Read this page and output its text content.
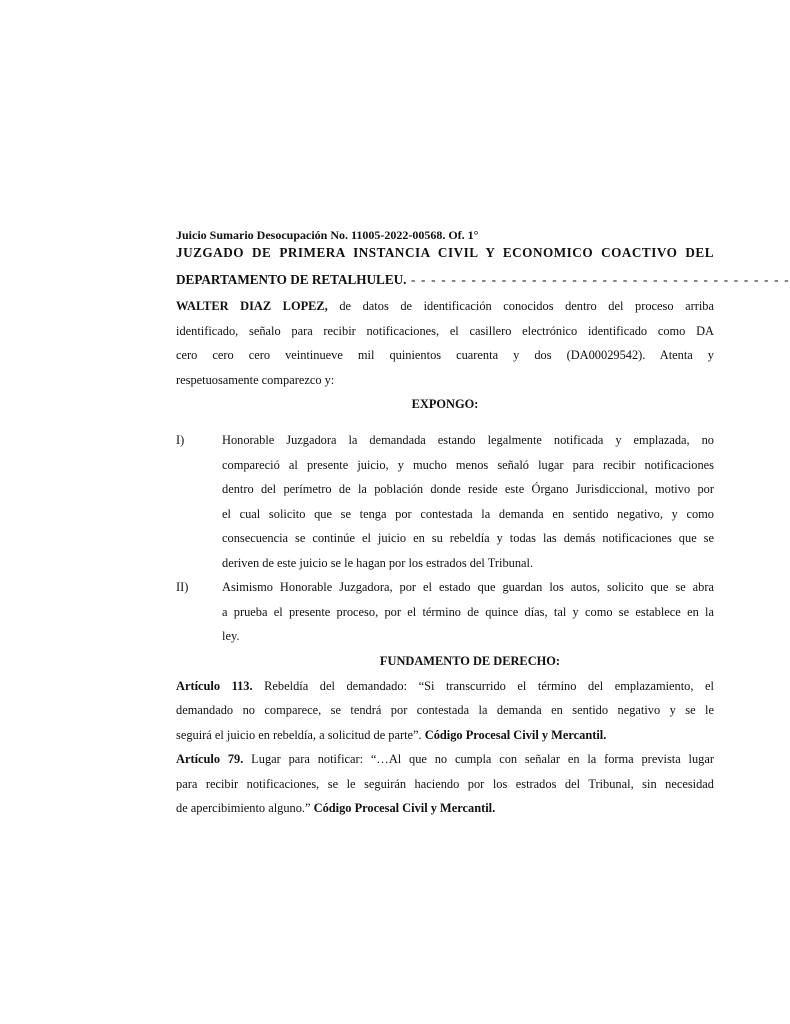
Juicio Sumario Desocupación No. 11005-2022-00568. Of. 1°
JUZGADO DE PRIMERA INSTANCIA CIVIL Y ECONOMICO COACTIVO DEL
DEPARTAMENTO DE RETALHULEU. - - - - - - - - - - - - - - - - - - - - - - - - - - - - - - - - - - - - - -
WALTER DIAZ LOPEZ, de datos de identificación conocidos dentro del proceso arriba
identificado, señalo para recibir notificaciones, el casillero electrónico identificado como DA
cero cero cero veintinueve mil quinientos cuarenta y dos (DA00029542). Atenta y
respetuosamente comparezco y:
EXPONGO:
I)	Honorable Juzgadora la demandada estando legalmente notificada y emplazada, no
compareció al presente juicio, y mucho menos señaló lugar para recibir notificaciones
dentro del perímetro de la población donde reside este Órgano Jurisdiccional, motivo por
el cual solicito que se tenga por contestada la demanda en sentido negativo, y como
consecuencia se continúe el juicio en su rebeldía y todas las demás notificaciones que se
deriven de este juicio se le hagan por los estrados del Tribunal.
II)	Asimismo Honorable Juzgadora, por el estado que guardan los autos, solicito que se abra
a prueba el presente proceso, por el término de quince días, tal y como se establece en la
ley.
FUNDAMENTO DE DERECHO:
Artículo 113. Rebeldía del demandado: “Si transcurrido el término del emplazamiento, el
demandado no comparece, se tendrá por contestada la demanda en sentido negativo y se le
seguirá el juicio en rebeldía, a solicitud de parte”. Código Procesal Civil y Mercantil.
Artículo 79. Lugar para notificar: “…Al que no cumpla con señalar en la forma prevista lugar
para recibir notificaciones, se le seguirán haciendo por los estrados del Tribunal, sin necesidad
de apercibimiento alguno.” Código Procesal Civil y Mercantil.
